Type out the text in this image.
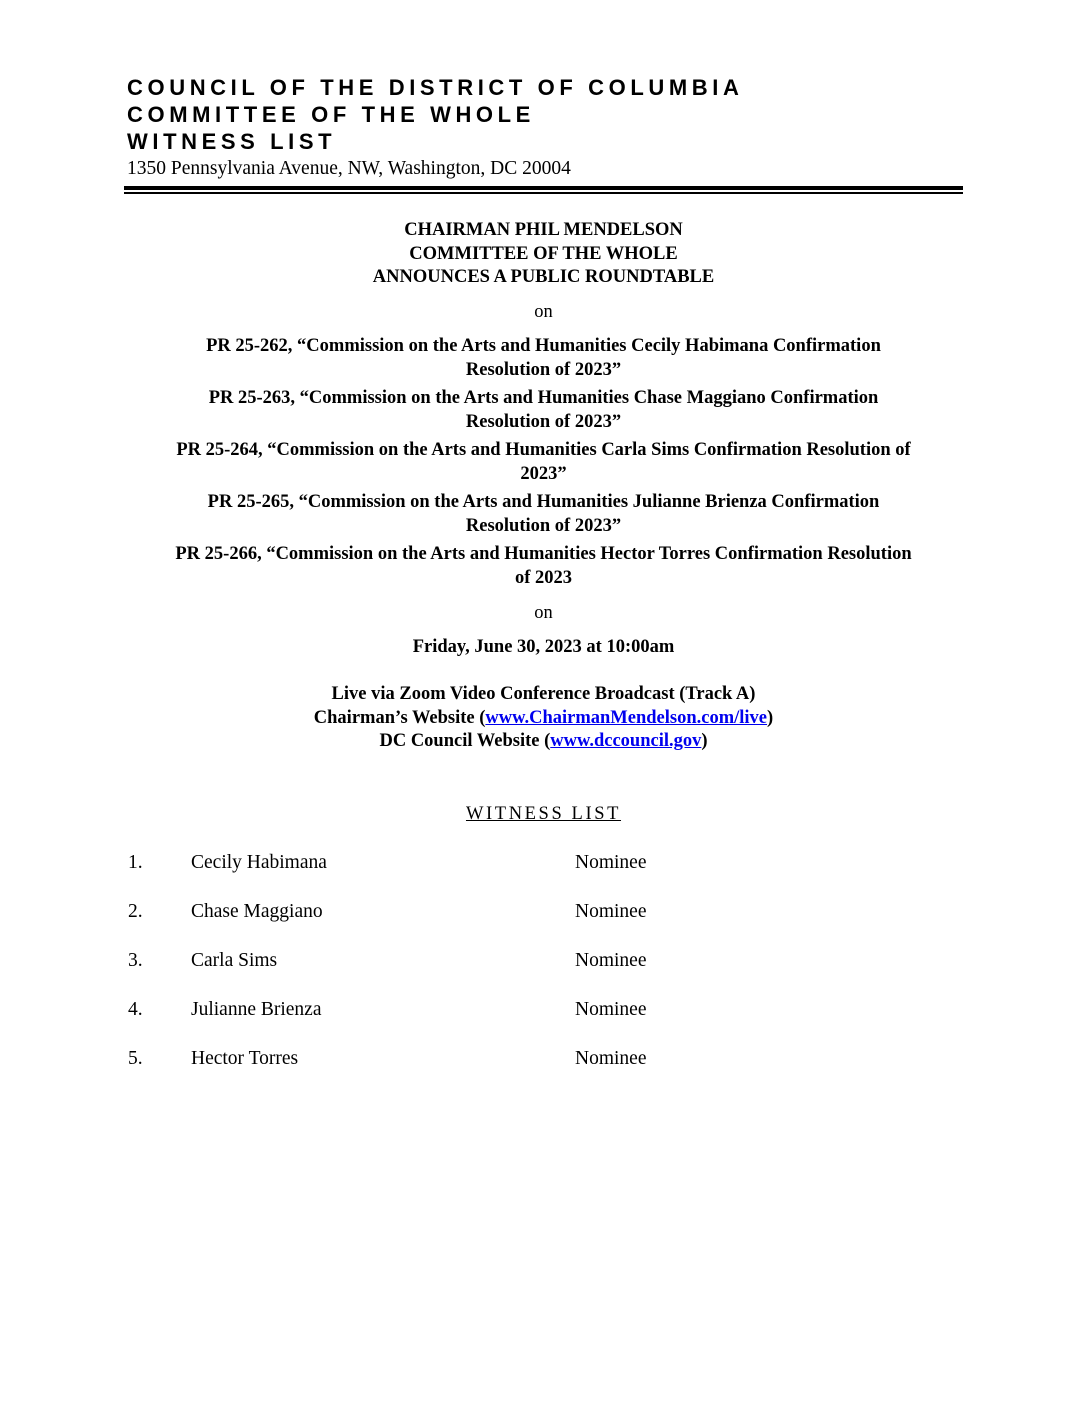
COUNCIL OF THE DISTRICT OF COLUMBIA
COMMITTEE OF THE WHOLE
WITNESS LIST
1350 Pennsylvania Avenue, NW, Washington, DC 20004
CHAIRMAN PHIL MENDELSON
COMMITTEE OF THE WHOLE
ANNOUNCES A PUBLIC ROUNDTABLE
on
PR 25-262, “Commission on the Arts and Humanities Cecily Habimana Confirmation
Resolution of 2023”
PR 25-263, “Commission on the Arts and Humanities Chase Maggiano Confirmation
Resolution of 2023”
PR 25-264, “Commission on the Arts and Humanities Carla Sims Confirmation Resolution of
2023”
PR 25-265, “Commission on the Arts and Humanities Julianne Brienza Confirmation
Resolution of 2023”
PR 25-266, “Commission on the Arts and Humanities Hector Torres Confirmation Resolution
of 2023
on
Friday, June 30, 2023 at 10:00am
Live via Zoom Video Conference Broadcast (Track A)
Chairman’s Website (www.ChairmanMendelson.com/live)
DC Council Website (www.dccouncil.gov)
WITNESS LIST
1. Cecily Habimana	Nominee
2. Chase Maggiano	Nominee
3. Carla Sims	Nominee
4. Julianne Brienza	Nominee
5. Hector Torres	Nominee
